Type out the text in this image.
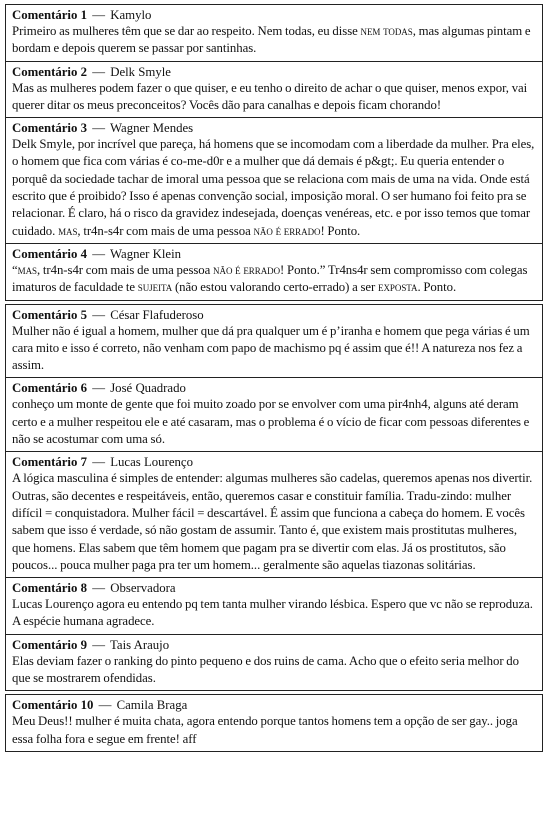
Comentário 1 — Kamylo
Primeiro as mulheres têm que se dar ao respeito. Nem todas, eu disse nem todas, mas algumas pintam e bordam e depois querem se passar por santinhas.
Comentário 2 — Delk Smyle
Mas as mulheres podem fazer o que quiser, e eu tenho o direito de achar o que quiser, menos expor, vai querer ditar os meus preconceitos? Vocês dão para canalhas e depois ficam chorando!
Comentário 3 — Wagner Mendes
Delk Smyle, por incrível que pareça, há homens que se incomodam com a liberdade da mulher. Pra eles, o homem que fica com várias é co-me-d0r e a mulher que dá demais é p&gt;. Eu queria entender o porquê da sociedade tachar de imoral uma pessoa que se relaciona com mais de uma na vida. Onde está escrito que é proibido? Isso é apenas convenção social, imposição moral. O ser humano foi feito pra se relacionar. É claro, há o risco da gravidez indesejada, doenças venéreas, etc. e por isso temos que tomar cuidado. mas, tr4n-s4r com mais de uma pessoa não é errado! Ponto.
Comentário 4 — Wagner Klein
“mas, tr4n-s4r com mais de uma pessoa não é errado! Ponto.” Tr4ns4r sem compromisso com colegas imaturos de faculdade te sujeita (não estou valorando certo-errado) a ser exposta. Ponto.
Comentário 5 — César Flafuderoso
Mulher não é igual a homem, mulher que dá pra qualquer um é p’iranha e homem que pega várias é um cara mito e isso é correto, não venham com papo de machismo pq é assim que é!! A natureza nos fez a assim.
Comentário 6 — José Quadrado
conheço um monte de gente que foi muito zoado por se envolver com uma pir4nh4, alguns até deram certo e a mulher respeitou ele e até casaram, mas o problema é o vício de ficar com pessoas diferentes e não se acostumar com uma só.
Comentário 7 — Lucas Lourenço
A lógica masculina é simples de entender: algumas mulheres são cadelas, queremos apenas nos divertir. Outras, são decentes e respeitáveis, então, queremos casar e constituir família. Tradu-zindo: mulher difícil = conquistadora. Mulher fácil = descartável. É assim que funciona a cabeça do homem. E vocês sabem que isso é verdade, só não gostam de assumir. Tanto é, que existem mais prostitutas mulheres, que homens. Elas sabem que têm homem que pagam pra se divertir com elas. Já os prostitutos, são poucos... pouca mulher paga pra ter um homem... geralmente são aquelas tiazonas solitárias.
Comentário 8 — Observadora
Lucas Lourenço agora eu entendo pq tem tanta mulher virando lésbica. Espero que vc não se reproduza. A espécie humana agradece.
Comentário 9 — Tais Araujo
Elas deviam fazer o ranking do pinto pequeno e dos ruins de cama. Acho que o efeito seria melhor do que se mostrarem ofendidas.
Comentário 10 — Camila Braga
Meu Deus!! mulher é muita chata, agora entendo porque tantos homens tem a opção de ser gay.. joga essa folha fora e segue em frente! aff
